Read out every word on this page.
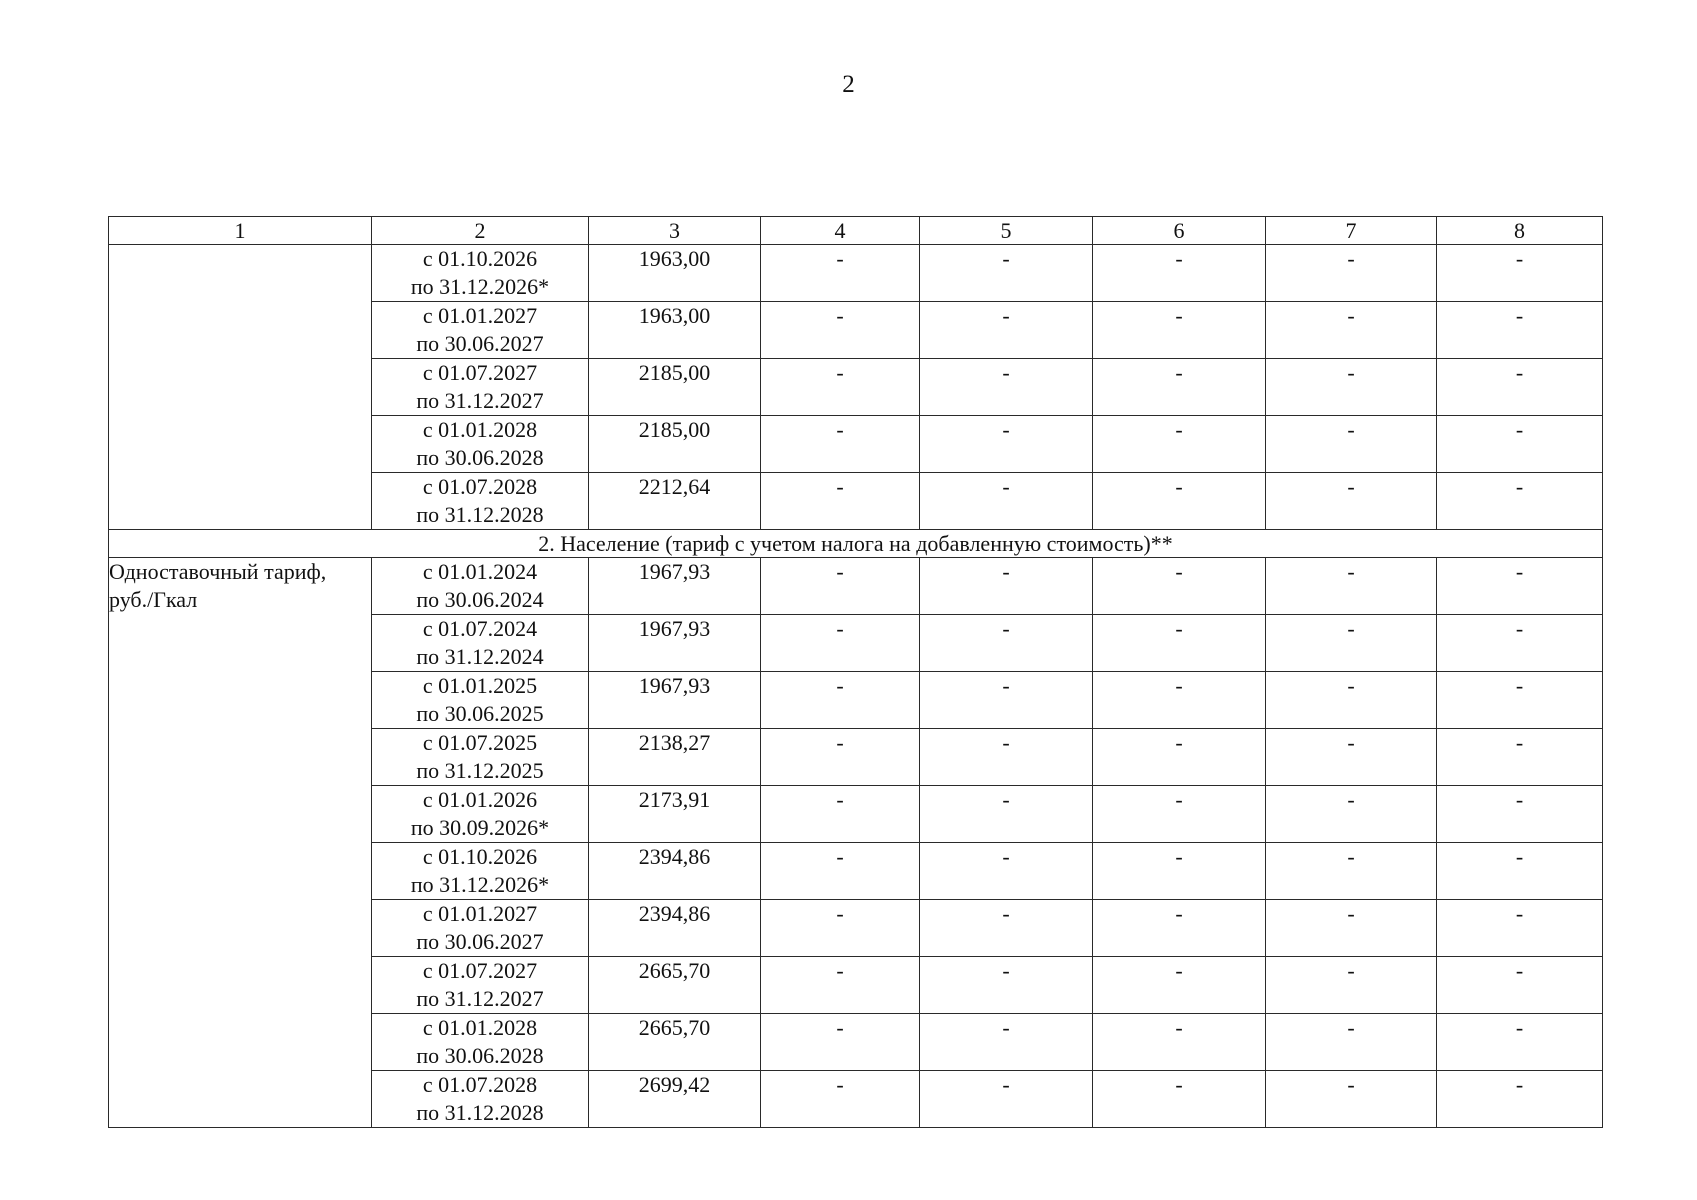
2
1	2	3	4	5	6	7	8

	с 01.10.2026
по 31.12.2026*	1963,00	-	-	-	-	-

	с 01.01.2027
по 30.06.2027	1963,00	-	-	-	-	-

	с 01.07.2027
по 31.12.2027	2185,00	-	-	-	-	-

	с 01.01.2028
по 30.06.2028	2185,00	-	-	-	-	-

	с 01.07.2028
по 31.12.2028	2212,64	-	-	-	-	-
2. Население (тариф с учетом налога на добавленную стоимость)**							
Одноставочный тариф, руб./Гкал	с 01.01.2024
по 30.06.2024	1967,93	-	-	-	-	-

	с 01.07.2024
по 31.12.2024	1967,93	-	-	-	-	-

	с 01.01.2025
по 30.06.2025	1967,93	-	-	-	-	-

	с 01.07.2025
по 31.12.2025	2138,27	-	-	-	-	-

	с 01.01.2026
по 30.09.2026*	2173,91	-	-	-	-	-

	с 01.10.2026
по 31.12.2026*	2394,86	-	-	-	-	-

	с 01.01.2027
по 30.06.2027	2394,86	-	-	-	-	-

	с 01.07.2027
по 31.12.2027	2665,70	-	-	-	-	-

	с 01.01.2028
по 30.06.2028	2665,70	-	-	-	-	-

	с 01.07.2028
по 31.12.2028	2699,42	-	-	-	-	-
